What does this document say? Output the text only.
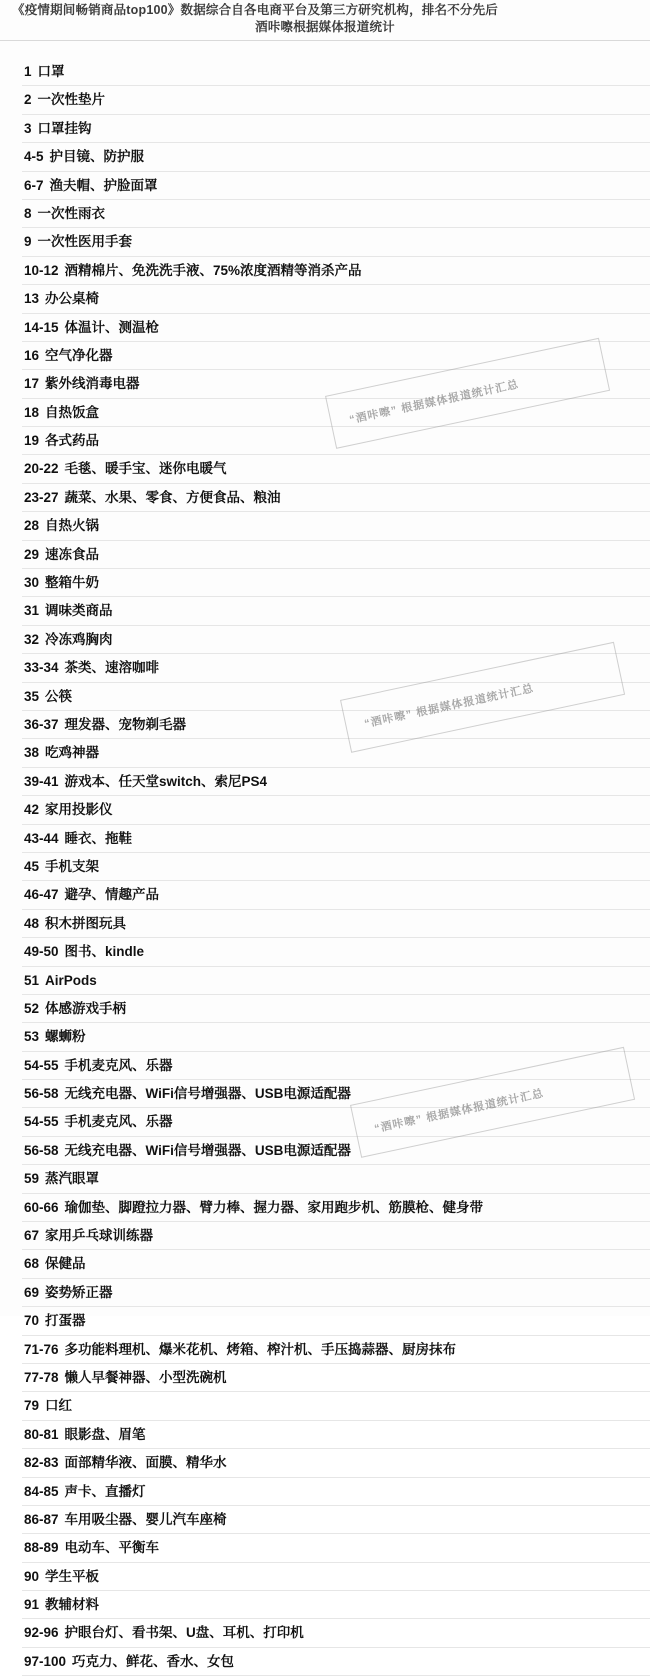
《疫情期间畅销商品top100》数据综合自各电商平台及第三方研究机构，排名不分先后
酒咔嚓根据媒体报道统计
1 口罩
2 一次性垫片
3 口罩挂钩
4-5 护目镜、防护服
6-7 渔夫帽、护脸面罩
8 一次性雨衣
9 一次性医用手套
10-12 酒精棉片、免洗洗手液、75%浓度酒精等消杀产品
13 办公桌椅
14-15 体温计、测温枪
16 空气净化器
17 紫外线消毒电器
18 自热饭盒
19 各式药品
20-22 毛毯、暖手宝、迷你电暖气
23-27 蔬菜、水果、零食、方便食品、粮油
28 自热火锅
29 速冻食品
30 整箱牛奶
31 调味类商品
32 冷冻鸡胸肉
33-34 茶类、速溶咖啡
35 公筷
36-37 理发器、宠物剃毛器
38 吃鸡神器
39-41 游戏本、任天堂switch、索尼PS4
42 家用投影仪
43-44 睡衣、拖鞋
45 手机支架
46-47 避孕、情趣产品
48 积木拼图玩具
49-50 图书、kindle
51 AirPods
52 体感游戏手柄
53 螺蛳粉
54-55 手机麦克风、乐器
56-58 无线充电器、WiFi信号增强器、USB电源适配器
54-55 手机麦克风、乐器
56-58 无线充电器、WiFi信号增强器、USB电源适配器
59 蒸汽眼罩
60-66 瑜伽垫、脚蹬拉力器、臂力棒、握力器、家用跑步机、筋膜枪、健身带
67 家用乒乓球训练器
68 保健品
69 姿势矫正器
70 打蛋器
71-76 多功能料理机、爆米花机、烤箱、榨汁机、手压捣蒜器、厨房抹布
77-78 懒人早餐神器、小型洗碗机
79 口红
80-81 眼影盘、眉笔
82-83 面部精华液、面膜、精华水
84-85 声卡、直播灯
86-87 车用吸尘器、婴儿汽车座椅
88-89 电动车、平衡车
90 学生平板
91 教辅材料
92-96 护眼台灯、看书架、U盘、耳机、打印机
97-100 巧克力、鲜花、香水、女包
“酒咔嚓” 根据媒体报道统计汇总
“酒咔嚓” 根据媒体报道统计汇总
“酒咔嚓” 根据媒体报道统计汇总
